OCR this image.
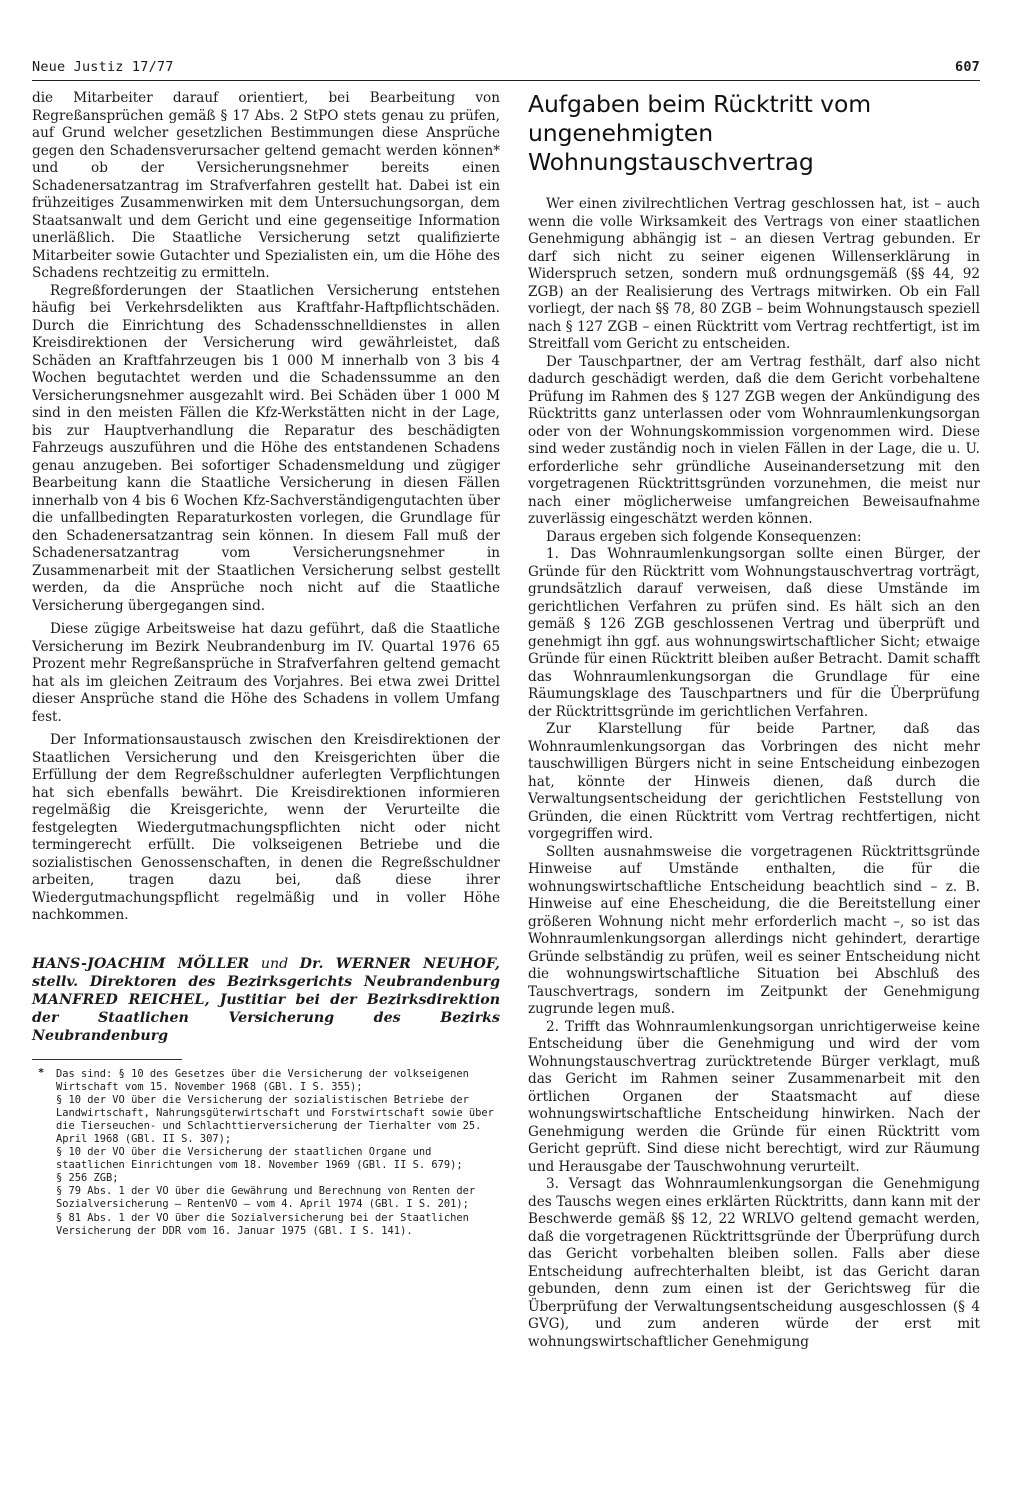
Neue Justiz 17/77	607

die Mitarbeiter darauf orientiert, bei Bearbeitung von Regreßansprüchen gemäß § 17 Abs. 2 StPO stets genau zu prüfen, auf Grund welcher gesetzlichen Bestimmungen diese Ansprüche gegen den Schadensverursacher geltend gemacht werden können* und ob der Versicherungsnehmer bereits einen Schadenersatzantrag im Strafverfahren gestellt hat. Dabei ist ein frühzeitiges Zusammenwirken mit dem Untersuchungsorgan, dem Staatsanwalt und dem Gericht und eine gegenseitige Information unerläßlich. Die Staatliche Versicherung setzt qualifizierte Mitarbeiter sowie Gutachter und Spezialisten ein, um die Höhe des Schadens rechtzeitig zu ermitteln.

Regreßforderungen der Staatlichen Versicherung entstehen häufig bei Verkehrsdelikten aus Kraftfahr-Haftpflichtschäden. Durch die Einrichtung des Schadensschnelldienstes in allen Kreisdirektionen der Versicherung wird gewährleistet, daß Schäden an Kraftfahrzeugen bis 1 000 M innerhalb von 3 bis 4 Wochen begutachtet werden und die Schadenssumme an den Versicherungsnehmer ausgezahlt wird. Bei Schäden über 1 000 M sind in den meisten Fällen die Kfz-Werkstätten nicht in der Lage, bis zur Hauptverhandlung die Reparatur des beschädigten Fahrzeugs auszuführen und die Höhe des entstandenen Schadens genau anzugeben. Bei sofortiger Schadensmeldung und zügiger Bearbeitung kann die Staatliche Versicherung in diesen Fällen innerhalb von 4 bis 6 Wochen Kfz-Sachverständigengutachten über die unfallbedingten Reparaturkosten vorlegen, die Grundlage für den Schadenersatzantrag sein können. In diesem Fall muß der Schadenersatzantrag vom Versicherungsnehmer in Zusammenarbeit mit der Staatlichen Versicherung selbst gestellt werden, da die Ansprüche noch nicht auf die Staatliche Versicherung übergegangen sind.

Diese zügige Arbeitsweise hat dazu geführt, daß die Staatliche Versicherung im Bezirk Neubrandenburg im IV. Quartal 1976 65 Prozent mehr Regreßansprüche in Strafverfahren geltend gemacht hat als im gleichen Zeitraum des Vorjahres. Bei etwa zwei Drittel dieser Ansprüche stand die Höhe des Schadens in vollem Umfang fest.

Der Informationsaustausch zwischen den Kreisdirektionen der Staatlichen Versicherung und den Kreisgerichten über die Erfüllung der dem Regreßschuldner auferlegten Verpflichtungen hat sich ebenfalls bewährt. Die Kreisdirektionen informieren regelmäßig die Kreisgerichte, wenn der Verurteilte die festgelegten Wiedergutmachungspflichten nicht oder nicht termingerecht erfüllt. Die volkseigenen Betriebe und die sozialistischen Genossenschaften, in denen die Regreßschuldner arbeiten, tragen dazu bei, daß diese ihrer Wiedergutmachungspflicht regelmäßig und in voller Höhe nachkommen.

HANS-JOACHIM MÖLLER und Dr. WERNER NEUHOF, stellv. Direktoren des Bezirksgerichts Neubrandenburg MANFRED REICHEL, Justitiar bei der Bezirksdirektion der Staatlichen Versicherung des Bezirks Neubrandenburg
* Das sind: § 10 des Gesetzes über die Versicherung der volkseigenen Wirtschaft vom 15. November 1968 (GBl. I S. 355);
§ 10 der VO über die Versicherung der sozialistischen Betriebe der Landwirtschaft, Nahrungsgüterwirtschaft und Forstwirtschaft sowie über die Tierseuchen- und Schlachttierversicherung der Tierhalter vom 25. April 1968 (GBl. II S. 307);
§ 10 der VO über die Versicherung der staatlichen Organe und staatlichen Einrichtungen vom 18. November 1969 (GBl. II S. 679);
§ 256 ZGB;
§ 79 Abs. 1 der VO über die Gewährung und Berechnung von Renten der Sozialversicherung – RentenVO – vom 4. April 1974 (GBl. I S. 201);
§ 81 Abs. 1 der VO über die Sozialversicherung bei der Staatlichen Versicherung der DDR vom 16. Januar 1975 (GBl. I S. 141).
Aufgaben beim Rücktritt vom ungenehmigten Wohnungstauschvertrag

Wer einen zivilrechtlichen Vertrag geschlossen hat, ist – auch wenn die volle Wirksamkeit des Vertrags von einer staatlichen Genehmigung abhängig ist – an diesen Vertrag gebunden. Er darf sich nicht zu seiner eigenen Willenserklärung in Widerspruch setzen, sondern muß ordnungsgemäß (§§ 44, 92 ZGB) an der Realisierung des Vertrags mitwirken. Ob ein Fall vorliegt, der nach §§ 78, 80 ZGB – beim Wohnungstausch speziell nach § 127 ZGB – einen Rücktritt vom Vertrag rechtfertigt, ist im Streitfall vom Gericht zu entscheiden.

Der Tauschpartner, der am Vertrag festhält, darf also nicht dadurch geschädigt werden, daß die dem Gericht vorbehaltene Prüfung im Rahmen des § 127 ZGB wegen der Ankündigung des Rücktritts ganz unterlassen oder vom Wohnraumlenkungsorgan oder von der Wohnungskommission vorgenommen wird. Diese sind weder zuständig noch in vielen Fällen in der Lage, die u. U. erforderliche sehr gründliche Auseinandersetzung mit den vorgetragenen Rücktrittsgründen vorzunehmen, die meist nur nach einer möglicherweise umfangreichen Beweisaufnahme zuverlässig eingeschätzt werden können.

Daraus ergeben sich folgende Konsequenzen:

1. Das Wohnraumlenkungsorgan sollte einen Bürger, der Gründe für den Rücktritt vom Wohnungstauschvertrag vorträgt, grundsätzlich darauf verweisen, daß diese Umstände im gerichtlichen Verfahren zu prüfen sind. Es hält sich an den gemäß § 126 ZGB geschlossenen Vertrag und überprüft und genehmigt ihn ggf. aus wohnungswirtschaftlicher Sicht; etwaige Gründe für einen Rücktritt bleiben außer Betracht. Damit schafft das Wohnraumlenkungsorgan die Grundlage für eine Räumungsklage des Tauschpartners und für die Überprüfung der Rücktrittsgründe im gerichtlichen Verfahren.

Zur Klarstellung für beide Partner, daß das Wohnraumlenkungsorgan das Vorbringen des nicht mehr tauschwilligen Bürgers nicht in seine Entscheidung einbezogen hat, könnte der Hinweis dienen, daß durch die Verwaltungsentscheidung der gerichtlichen Feststellung von Gründen, die einen Rücktritt vom Vertrag rechtfertigen, nicht vorgegriffen wird.

Sollten ausnahmsweise die vorgetragenen Rücktrittsgründe Hinweise auf Umstände enthalten, die für die wohnungswirtschaftliche Entscheidung beachtlich sind – z. B. Hinweise auf eine Ehescheidung, die die Bereitstellung einer größeren Wohnung nicht mehr erforderlich macht –, so ist das Wohnraumlenkungsorgan allerdings nicht gehindert, derartige Gründe selbständig zu prüfen, weil es seiner Entscheidung nicht die wohnungswirtschaftliche Situation bei Abschluß des Tauschvertrags, sondern im Zeitpunkt der Genehmigung zugrunde legen muß.

2. Trifft das Wohnraumlenkungsorgan unrichtigerweise keine Entscheidung über die Genehmigung und wird der vom Wohnungstauschvertrag zurücktretende Bürger verklagt, muß das Gericht im Rahmen seiner Zusammenarbeit mit den örtlichen Organen der Staatsmacht auf diese wohnungswirtschaftliche Entscheidung hinwirken. Nach der Genehmigung werden die Gründe für einen Rücktritt vom Gericht geprüft. Sind diese nicht berechtigt, wird zur Räumung und Herausgabe der Tauschwohnung verurteilt.

3. Versagt das Wohnraumlenkungsorgan die Genehmigung des Tauschs wegen eines erklärten Rücktritts, dann kann mit der Beschwerde gemäß §§ 12, 22 WRLVO geltend gemacht werden, daß die vorgetragenen Rücktrittsgründe der Überprüfung durch das Gericht vorbehalten bleiben sollen. Falls aber diese Entscheidung aufrechterhalten bleibt, ist das Gericht daran gebunden, denn zum einen ist der Gerichtsweg für die Überprüfung der Verwaltungsentscheidung ausgeschlossen (§ 4 GVG), und zum anderen würde der erst mit wohnungswirtschaftlicher Genehmigung
